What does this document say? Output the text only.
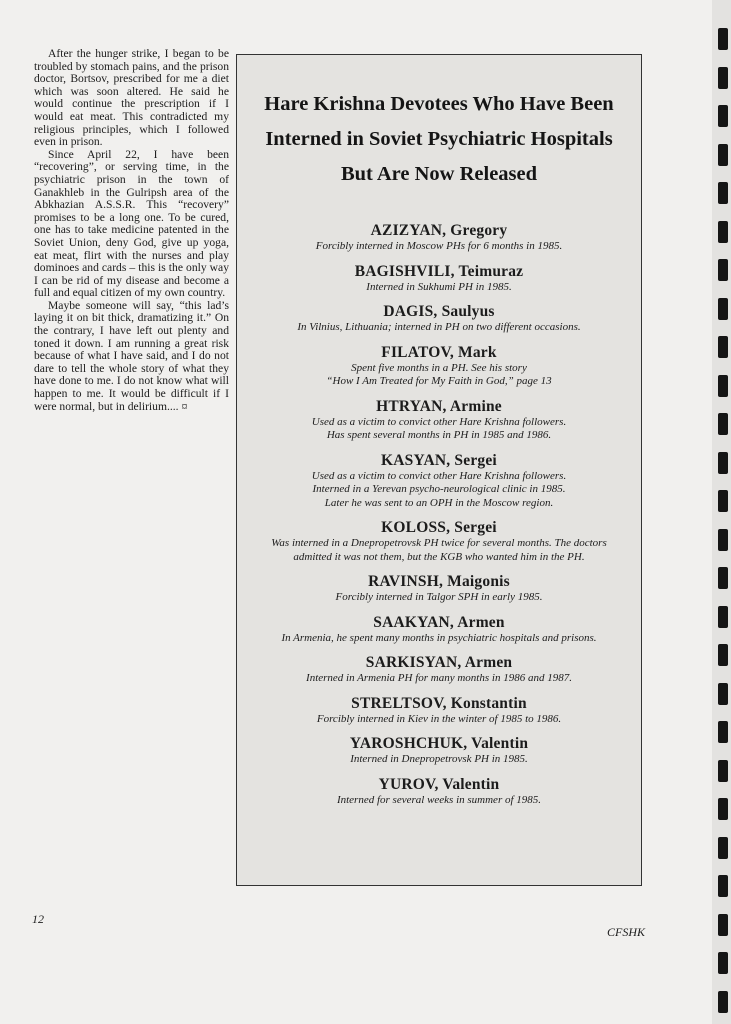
After the hunger strike, I began to be troubled by stomach pains, and the prison doctor, Bortsov, prescribed for me a diet which was soon altered. He said he would continue the prescription if I would eat meat. This contradicted my religious principles, which I followed even in prison.

Since April 22, I have been “recovering”, or serving time, in the psychiatric prison in the town of Ganakhleb in the Gulripsh area of the Abkhazian A.S.S.R. This “recovery” promises to be a long one. To be cured, one has to take medicine patented in the Soviet Union, deny God, give up yoga, eat meat, flirt with the nurses and play dominoes and cards – this is the only way I can be rid of my disease and become a full and equal citizen of my own country.

Maybe someone will say, “this lad’s laying it on bit thick, dramatizing it.” On the contrary, I have left out plenty and toned it down. I am running a great risk because of what I have said, and I do not dare to tell the whole story of what they have done to me. I do not know what will happen to me. It would be difficult if I were normal, but in delirium.... ¤

Hare Krishna Devotees Who Have Been
Interned in Soviet Psychiatric Hospitals
But Are Now Released
AZIZYAN, Gregory
Forcibly interned in Moscow PHs for 6 months in 1985.
BAGISHVILI, Teimuraz
Interned in Sukhumi PH in 1985.
DAGIS, Saulyus
In Vilnius, Lithuania; interned in PH on two different occasions.
FILATOV, Mark
Spent five months in a PH. See his story
“How I Am Treated for My Faith in God,” page 13
HTRYAN, Armine
Used as a victim to convict other Hare Krishna followers.
Has spent several months in PH in 1985 and 1986.
KASYAN, Sergei
Used as a victim to convict other Hare Krishna followers.
Interned in a Yerevan psycho-neurological clinic in 1985.
Later he was sent to an OPH in the Moscow region.
KOLOSS, Sergei
Was interned in a Dnepropetrovsk PH twice for several months. The doctors
admitted it was not them, but the KGB who wanted him in the PH.
RAVINSH, Maigonis
Forcibly interned in Talgor SPH in early 1985.
SAAKYAN, Armen
In Armenia, he spent many months in psychiatric hospitals and prisons.
SARKISYAN, Armen
Interned in Armenia PH for many months in 1986 and 1987.
STRELTSOV, Konstantin
Forcibly interned in Kiev in the winter of 1985 to 1986.
YAROSHCHUK, Valentin
Interned in Dnepropetrovsk PH in 1985.
YUROV, Valentin
Interned for several weeks in summer of 1985.
12
CFSHK
